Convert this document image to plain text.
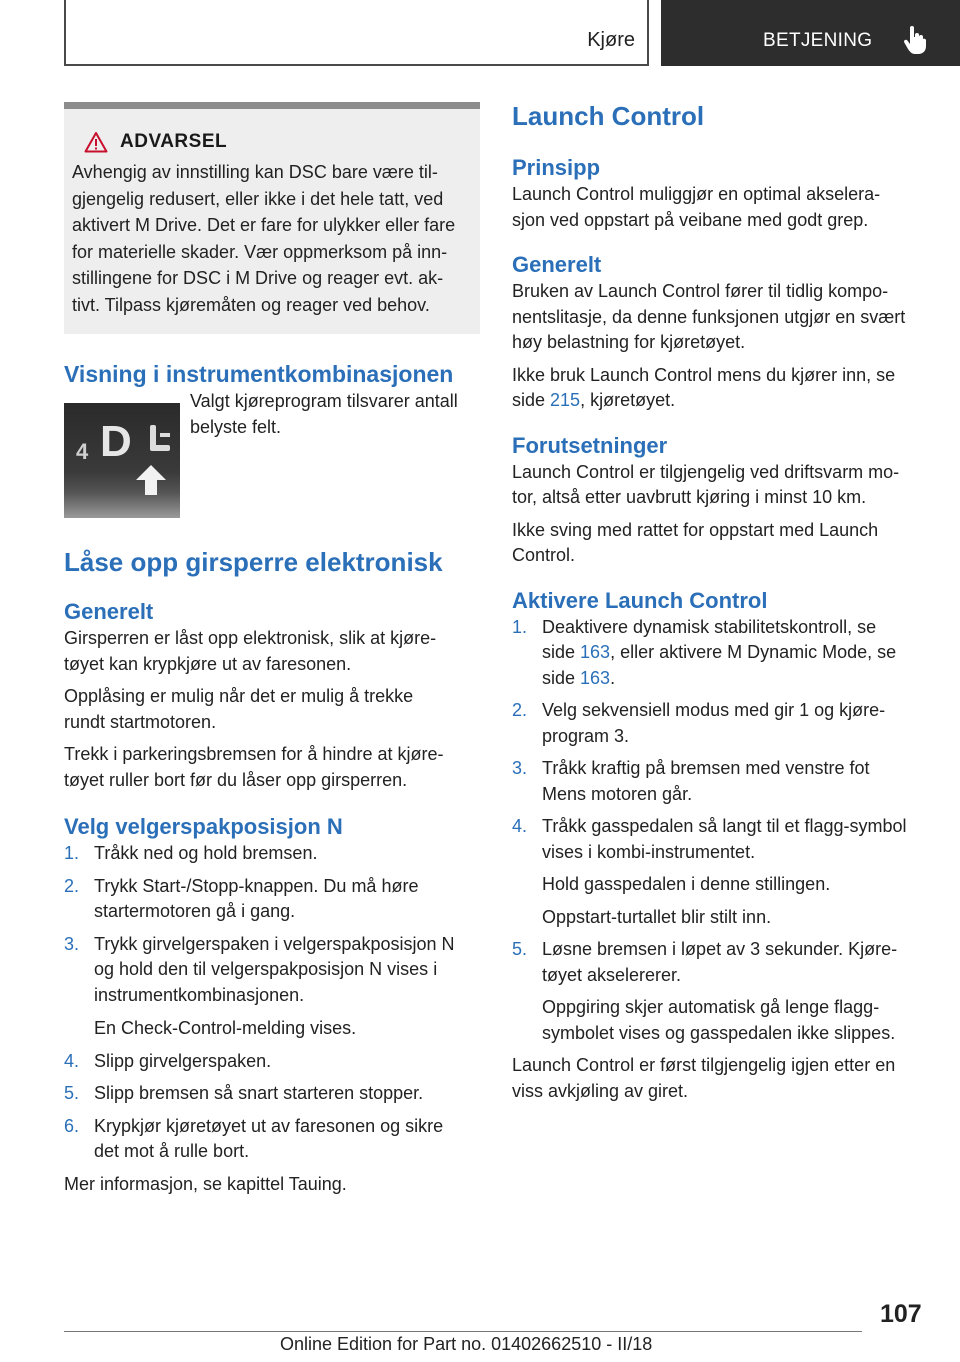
Kjøre	BETJENING
ADVARSEL

Avhengig av innstilling kan DSC bare være til-
gjengelig redusert, eller ikke i det hele tatt, ved
aktivert M Drive. Det er fare for ulykker eller fare
for materielle skader. Vær oppmerksom på inn-
stillingene for DSC i M Drive og reager evt. ak-
tivt. Tilpass kjøremåten og reager ved behov.

Visning i instrumentkombinasjonen
4 D

Valgt kjøreprogram tilsvarer antall
belyste felt.

Låse opp girsperre elektronisk
Generelt

Girsperren er låst opp elektronisk, slik at kjøre-
tøyet kan krypkjøre ut av faresonen.

Opplåsing er mulig når det er mulig å trekke
rundt startmotoren.

Trekk i parkeringsbremsen for å hindre at kjøre-
tøyet ruller bort før du låser opp girsperren.

Velg velgerspakposisjon N
1. Tråkk ned og hold bremsen.
2. Trykk Start-/Stopp-knappen. Du må høre
startermotoren gå i gang.
3. Trykk girvelgerspaken i velgerspakposisjon N
og hold den til velgerspakposisjon N vises i
instrumentkombinasjonen.

En Check-Control-melding vises.

4. Slipp girvelgerspaken.
5. Slipp bremsen så snart starteren stopper.
6. Krypkjør kjøretøyet ut av faresonen og sikre
det mot å rulle bort.

Mer informasjon, se kapittel Tauing.

Launch Control
Prinsipp

Launch Control muliggjør en optimal akselera-
sjon ved oppstart på veibane med godt grep.

Generelt

Bruken av Launch Control fører til tidlig kompo-
nentslitasje, da denne funksjonen utgjør en svært
høy belastning for kjøretøyet.

Ikke bruk Launch Control mens du kjører inn, se
side 215, kjøretøyet.

Forutsetninger

Launch Control er tilgjengelig ved driftsvarm mo-
tor, altså etter uavbrutt kjøring i minst 10 km.

Ikke sving med rattet for oppstart med Launch
Control.

Aktivere Launch Control
1. Deaktivere dynamisk stabilitetskontroll, se
side 163, eller aktivere M Dynamic Mode, se
side 163.
2. Velg sekvensiell modus med gir 1 og kjøre-
program 3.
3. Tråkk kraftig på bremsen med venstre fot
Mens motoren går.
4. Tråkk gasspedalen så langt til et flagg-symbol
vises i kombi-instrumentet.

Hold gasspedalen i denne stillingen.

Oppstart-turtallet blir stilt inn.

5. Løsne bremsen i løpet av 3 sekunder. Kjøre-
tøyet akselererer.

Oppgiring skjer automatisk gå lenge flagg-
symbolet vises og gasspedalen ikke slippes.

Launch Control er først tilgjengelig igjen etter en
viss avkjøling av giret.

107
Online Edition for Part no. 01402662510 - II/18
